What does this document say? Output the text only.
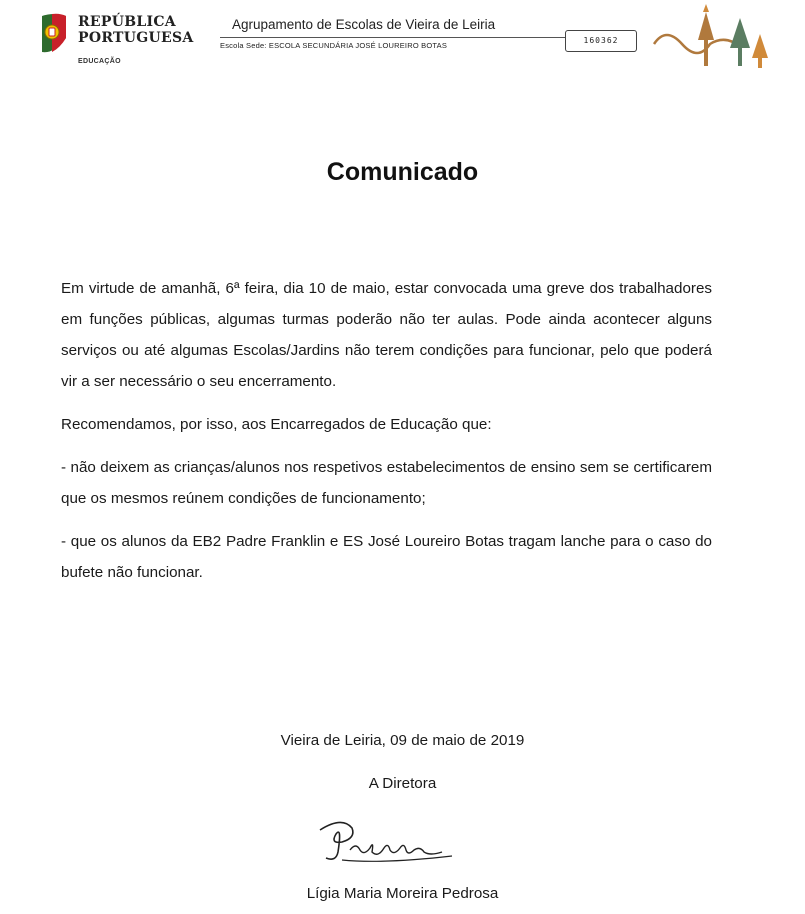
REPÚBLICA
PORTUGUESA
EDUCAÇÃO
Agrupamento de Escolas de Vieira de Leiria
Escola Sede: ESCOLA SECUNDÁRIA JOSÉ LOUREIRO BOTAS
160362
Comunicado

Em virtude de amanhã, 6ª feira, dia 10 de maio, estar convocada uma greve dos trabalhadores em funções públicas, algumas turmas poderão não ter aulas. Pode ainda acontecer alguns serviços ou até algumas Escolas/Jardins não terem condições para funcionar, pelo que poderá vir a ser necessário o seu encerramento.

Recomendamos, por isso, aos Encarregados de Educação que:

- não deixem as crianças/alunos nos respetivos estabelecimentos de ensino sem se certificarem que os mesmos reúnem condições de funcionamento;

- que os alunos da EB2 Padre Franklin e ES José Loureiro Botas tragam lanche para o caso do bufete não funcionar.

Vieira de Leiria, 09 de maio de 2019
A Diretora
Lígia Maria Moreira Pedrosa
